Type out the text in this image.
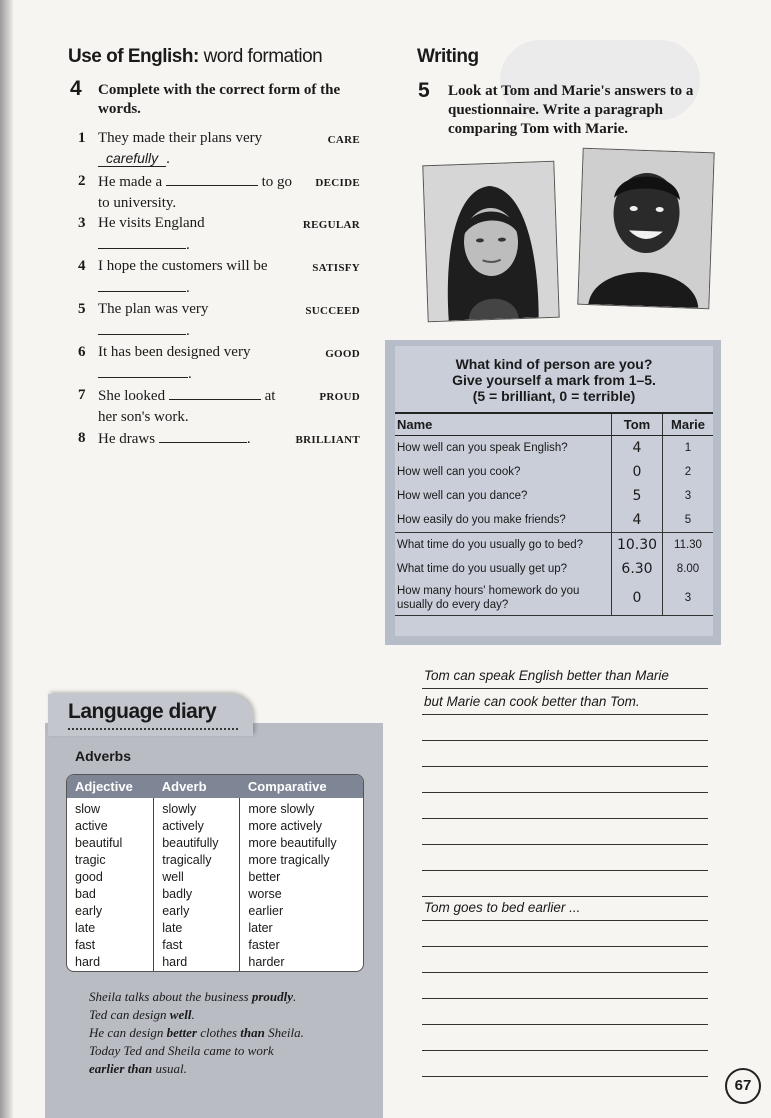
Use of English: word formation
4 Complete with the correct form of the words.
1 They made their plans very carefully .
CARE
2 He made a	to go to university.
DECIDE
3 He visits England
.
REGULAR
4 I hope the customers will be .
SATISFY
5 The plan was very
.
SUCCEED
6 It has been designed very .
GOOD
7 She looked	at her son's work.
PROUD
8 He draws	.	BRILLIANT
Writing
5 Look at Tom and Marie's answers to a questionnaire. Write a paragraph comparing Tom with Marie.
What kind of person are you?
Give yourself a mark from 1–5.
(5 = brilliant, 0 = terrible)
Name	Tom	Marie
How well can you speak English?	4	1
How well can you cook?	0	2
How well can you dance?	5	3
How easily do you make friends?	4	5
What time do you usually go to bed?	10.30	11.30
What time do you usually get up?	6.30	8.00
How many hours' homework do you usually do every day?	0	3
Tom can speak English better than Marie
but Marie can cook better than Tom.
Tom goes to bed earlier ...
Language diary
Adverbs
Adjective	Adverb	Comparative
slow	slowly	more slowly
active	actively	more actively
beautiful	beautifully	more beautifully
tragic	tragically	more tragically
good	well	better
bad	badly	worse
early	early	earlier
late	late	later
fast	fast	faster
hard	hard	harder
Sheila talks about the business proudly.
Ted can design well.
He can design better clothes than Sheila.
Today Ted and Sheila came to work
earlier than usual.
67
